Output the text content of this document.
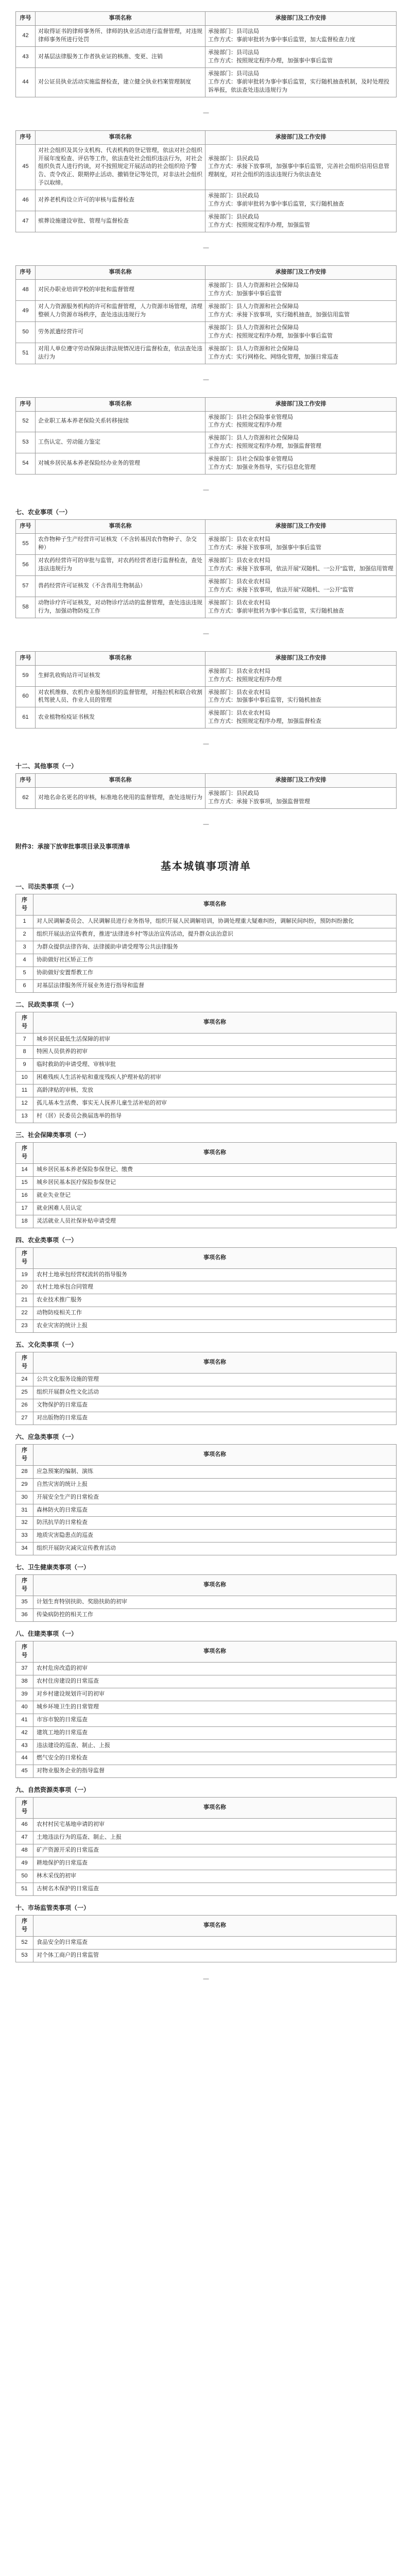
序号	事项名称	承接部门及工作安排
42	对取得证书的律师事务所、律师的执业活动进行监督管理，对违规律师事务所进行处罚	承接部门：县司法局
工作方式：事前审批转为事中事后监管，加大监督检查力度
43	对基层法律服务工作者执业证的核准、变更、注销	承接部门：县司法局
工作方式：按照规定程序办理，加强事中事后监管
44	对公证员执业活动实施监督检查，建立健全执业档案管理制度	承接部门：县司法局
工作方式：事前审批转为事中事后监管，实行随机抽查机制，及时处理投诉举报，依法查处违法违规行为
—
序号	事项名称	承接部门及工作安排
45	对社会组织及其分支机构、代表机构的登记管理，依法对社会组织开展年度检查、评估等工作，依法查处社会组织违法行为，对社会组织负责人进行约谈，对不按照规定开展活动的社会组织给予警告、责令改正、限期停止活动、撤销登记等处罚，对非法社会组织予以取缔。	承接部门：县民政局
工作方式：承接下放事项，加强事中事后监管，完善社会组织信用信息管理制度，对社会组织的违法违规行为依法查处
46	对养老机构设立许可的审核与监督检查	承接部门：县民政局
工作方式：事前审批转为事中事后监管，实行随机抽查
47	殡葬设施建设审批、管理与监督检查	承接部门：县民政局
工作方式：按照规定程序办理，加强监管
—
序号	事项名称	承接部门及工作安排
48	对民办职业培训学校的审批和监督管理	承接部门：县人力资源和社会保障局
工作方式：加强事中事后监管
49	对人力资源服务机构的许可和监督管理，人力资源市场管理，清理整顿人力资源市场秩序，查处违法违规行为	承接部门：县人力资源和社会保障局
工作方式：承接下放事项，实行随机抽查，加强信用监管
50	劳务派遣经营许可	承接部门：县人力资源和社会保障局
工作方式：按照规定程序办理，加强事中事后监管
51	对用人单位遵守劳动保障法律法规情况进行监督检查，依法查处违法行为	承接部门：县人力资源和社会保障局
工作方式：实行网格化、网络化管理，加强日常巡查
—
序号	事项名称	承接部门及工作安排
52	企业职工基本养老保险关系转移接续	承接部门：县社会保险事业管理局
工作方式：按照规定程序办理
53	工伤认定、劳动能力鉴定	承接部门：县人力资源和社会保障局
工作方式：按照规定程序办理，加强监督管理
54	对城乡居民基本养老保险经办业务的管理	承接部门：县社会保险事业管理局
工作方式：加强业务指导，实行信息化管理
—
七、农业事项（一）
序号	事项名称	承接部门及工作安排
55	农作物种子生产经营许可证核发（不含转基因农作物种子、杂交种）	承接部门：县农业农村局
工作方式：承接下放事项，加强事中事后监管
56	对农药经营许可的审批与监管，对农药经营者进行监督检查，查处违法违规行为	承接部门：县农业农村局
工作方式：承接下放事项，依法开展"双随机、一公开"监管，加强信用管理
57	兽药经营许可证核发（不含兽用生物制品）	承接部门：县农业农村局
工作方式：承接下放事项，依法开展"双随机、一公开"监管
58	动物诊疗许可证核发，对动物诊疗活动的监督管理，查处违法违规行为，加强动物防疫工作	承接部门：县农业农村局
工作方式：事前审批转为事中事后监管，实行随机抽查
—
序号	事项名称	承接部门及工作安排
59	生鲜乳收购站许可证核发	承接部门：县农业农村局
工作方式：按照规定程序办理
60	对农机维修、农机作业服务组织的监督管理，对拖拉机和联合收割机驾驶人员、作业人员的管理	承接部门：县农业农村局
工作方式：加强事中事后监管，实行随机抽查
61	农业植物检疫证书核发	承接部门：县农业农村局
工作方式：按照规定程序办理，加强监督检查
—
十二、其他事项（一）
序号	事项名称	承接部门及工作安排
62	对地名命名更名的审核，标准地名使用的监督管理，查处违规行为	承接部门：县民政局
工作方式：承接下放事项，加强监督管理
—
附件3：承接下放审批事项目录及事项清单
基本城镇事项清单
一、司法类事项（一）
序号	事项名称
1	对人民调解委员会、人民调解员进行业务指导，组织开展人民调解培训，协调处理重大疑难纠纷，调解民间纠纷，预防纠纷激化
2	组织开展法治宣传教育，推进"法律进乡村"等法治宣传活动，提升群众法治意识
3	为群众提供法律咨询、法律援助申请受理等公共法律服务
4	协助做好社区矫正工作
5	协助做好安置帮教工作
6	对基层法律服务所开展业务进行指导和监督
二、民政类事项（一）
序号	事项名称
7	城乡居民最低生活保障的初审
8	特困人员供养的初审
9	临时救助的申请受理、审核审批
10	困难残疾人生活补贴和重度残疾人护理补贴的初审
11	高龄津贴的审核、发放
12	孤儿基本生活费、事实无人抚养儿童生活补贴的初审
13	村（居）民委员会换届选举的指导
三、社会保障类事项（一）
序号	事项名称
14	城乡居民基本养老保险参保登记、缴费
15	城乡居民基本医疗保险参保登记
16	就业失业登记
17	就业困难人员认定
18	灵活就业人员社保补贴申请受理
四、农业类事项（一）
序号	事项名称
19	农村土地承包经营权流转的指导服务
20	农村土地承包合同管理
21	农业技术推广服务
22	动物防疫相关工作
23	农业灾害的统计上报
五、文化类事项（一）
序号	事项名称
24	公共文化服务设施的管理
25	组织开展群众性文化活动
26	文物保护的日常巡查
27	对出版物的日常巡查
六、应急类事项（一）
序号	事项名称
28	应急预案的编制、演练
29	自然灾害的统计上报
30	开展安全生产的日常检查
31	森林防火的日常巡查
32	防汛抗旱的日常检查
33	地质灾害隐患点的巡查
34	组织开展防灾减灾宣传教育活动
七、卫生健康类事项（一）
序号	事项名称
35	计划生育特别扶助、奖励扶助的初审
36	传染病防控的相关工作
八、住建类事项（一）
序号	事项名称
37	农村危房改造的初审
38	农村住房建设的日常巡查
39	对乡村建设规划许可的初审
40	城乡环境卫生的日常管理
41	市容市貌的日常巡查
42	建筑工地的日常巡查
43	违法建设的巡查、制止、上报
44	燃气安全的日常检查
45	对物业服务企业的指导监督
九、自然资源类事项（一）
序号	事项名称
46	农村村民宅基地申请的初审
47	土地违法行为的巡查、制止、上报
48	矿产资源开采的日常巡查
49	耕地保护的日常巡查
50	林木采伐的初审
51	古树名木保护的日常巡查
十、市场监管类事项（一）
序号	事项名称
52	食品安全的日常巡查
53	对个体工商户的日常监管
—
